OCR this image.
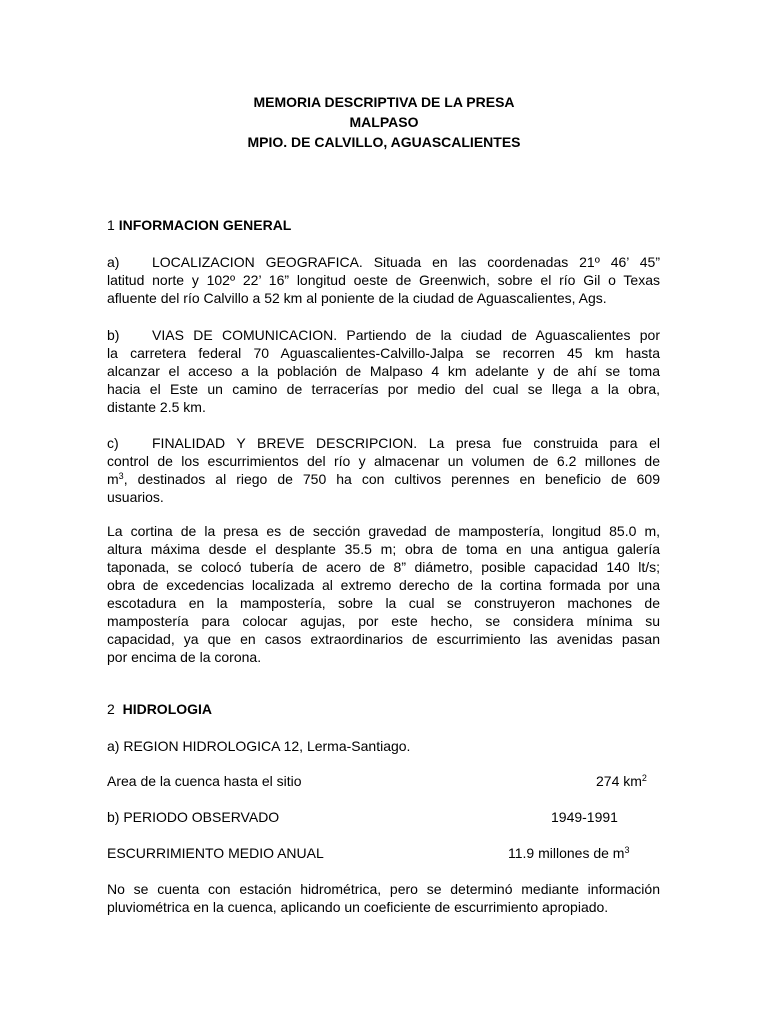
MEMORIA DESCRIPTIVA DE LA PRESA
MALPASO
MPIO. DE CALVILLO, AGUASCALIENTES
1 INFORMACION GENERAL
a) LOCALIZACION GEOGRAFICA. Situada en las coordenadas 21º 46’ 45”
latitud norte y 102º 22’ 16” longitud oeste de Greenwich, sobre el río Gil o Texas
afluente del río Calvillo a 52 km al poniente de la ciudad de Aguascalientes, Ags.
b) VIAS DE COMUNICACION. Partiendo de la ciudad de Aguascalientes por
la carretera federal 70 Aguascalientes-Calvillo-Jalpa se recorren 45 km hasta
alcanzar el acceso a la población de Malpaso 4 km adelante y de ahí se toma
hacia el Este un camino de terracerías por medio del cual se llega a la obra,
distante 2.5 km.
c) FINALIDAD Y BREVE DESCRIPCION. La presa fue construida para el
control de los escurrimientos del río y almacenar un volumen de 6.2 millones de
$m^3$, destinados al riego de 750 ha con cultivos perennes en beneficio de 609
usuarios.
La cortina de la presa es de sección gravedad de mampostería, longitud 85.0 m,
altura máxima desde el desplante 35.5 m; obra de toma en una antigua galería
taponada, se colocó tubería de acero de 8” diámetro, posible capacidad 140 lt/s;
obra de excedencias localizada al extremo derecho de la cortina formada por una
escotadura en la mampostería, sobre la cual se construyeron machones de
mampostería para colocar agujas, por este hecho, se considera mínima su
capacidad, ya que en casos extraordinarios de escurrimiento las avenidas pasan
por encima de la corona.
2 HIDROLOGIA
a) REGION HIDROLOGICA 12, Lerma-Santiago.
Area de la cuenca hasta el sitio	274 $km^2$
b) PERIODO OBSERVADO	1949-1991
ESCURRIMIENTO MEDIO ANUAL	11.9 millones de $m^3$
No se cuenta con estación hidrométrica, pero se determinó mediante información
pluviométrica en la cuenca, aplicando un coeficiente de escurrimiento apropiado.
